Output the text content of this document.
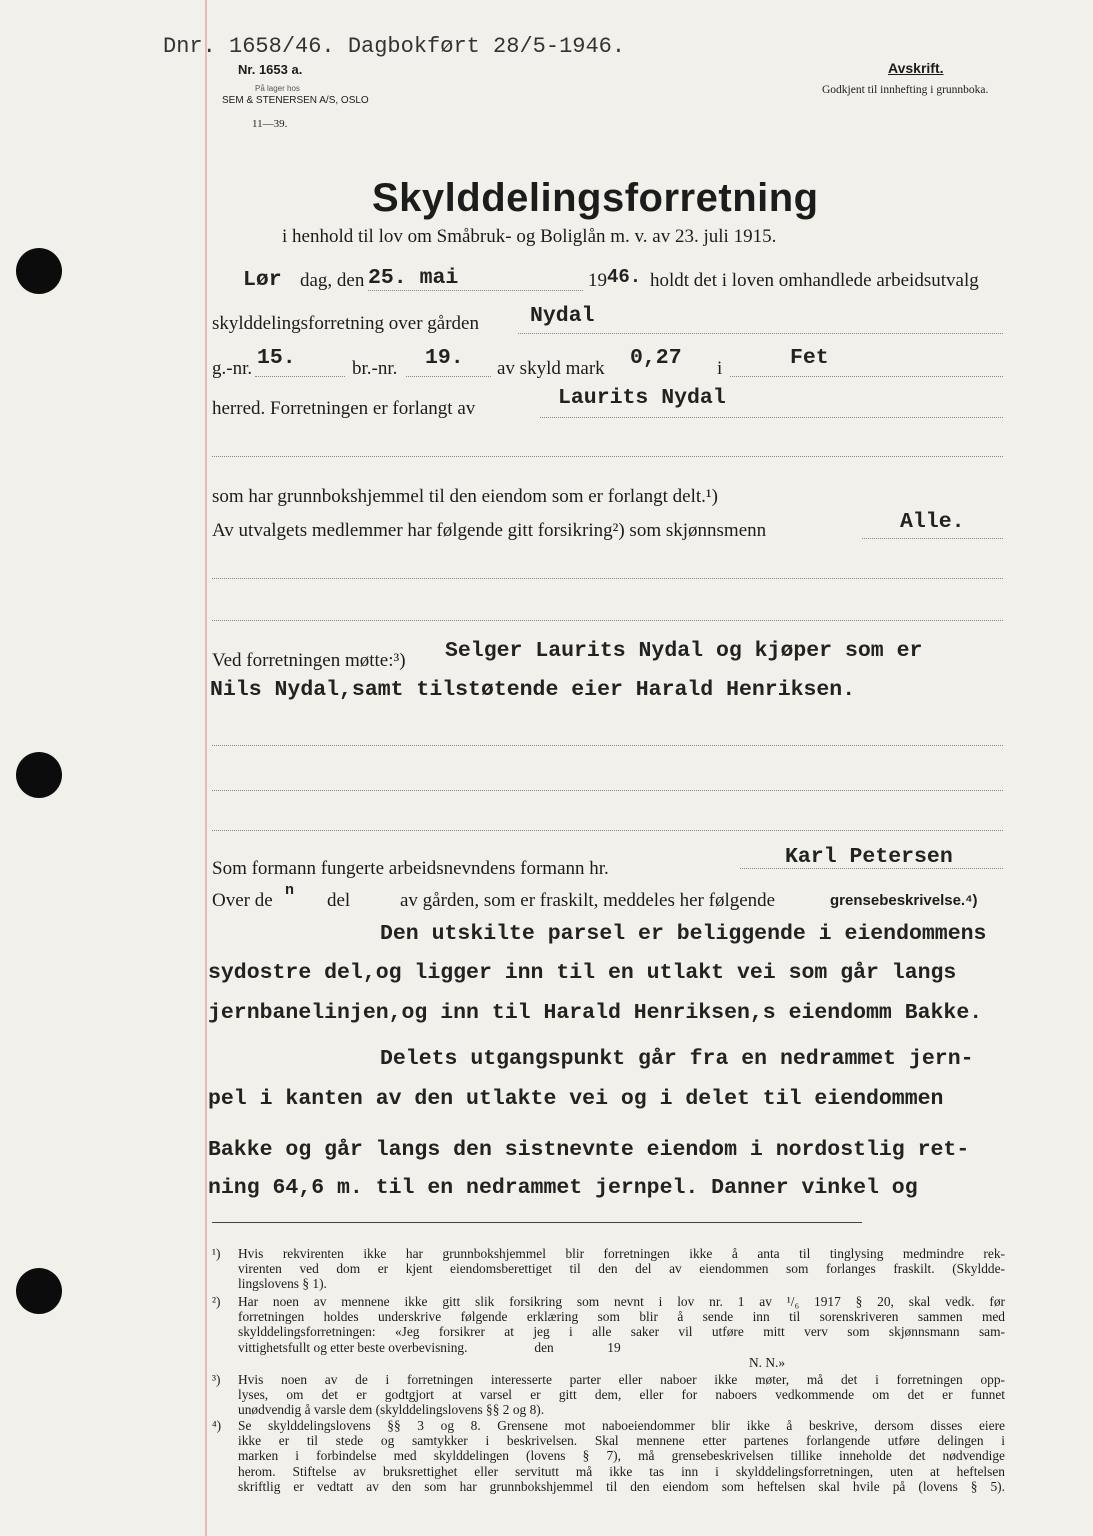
Dnr. 1658/46. Dagbokført 28/5-1946.
Nr. 1653 a.
På lager hos
SEM & STENERSEN A/S, OSLO
11—39.
Avskrift.
Godkjent til innhefting i grunnboka.
Skylddelingsforretning
i henhold til lov om Småbruk- og Boliglån m. v. av 23. juli 1915.
Lør dag, den 25. mai	19 46. holdt det i loven omhandlede arbeidsutvalg
skylddelingsforretning over gården Nydal
g.-nr. 15.	br.-nr. 19. av skyld mark 0,27 i	Fet
herred. Forretningen er forlangt av	Laurits Nydal
som har grunnbokshjemmel til den eiendom som er forlangt delt.¹)
Av utvalgets medlemmer har følgende gitt forsikring²) som skjønnsmenn	Alle.
Ved forretningen møtte:³) Selger Laurits Nydal og kjøper som er
Nils Nydal,samt tilstøtende eier Harald Henriksen.
Som formann fungerte arbeidsnevndens formann hr.	Karl Petersen
Over de n del	av gården, som er fraskilt, meddeles her følgende	grensebeskrivelse.⁴)
Den utskilte parsel er beliggende i eiendommens
sydostre del,og ligger inn til en utlakt vei som går langs
jernbanelinjen,og inn til Harald Henriksen,s eiendomm Bakke.
Delets utgangspunkt går fra en nedrammet jern-
pel i kanten av den utlakte vei og i delet til eiendommen
Bakke og går langs den sistnevnte eiendom i nordostlig ret-
ning 64,6 m. til en nedrammet jernpel. Danner vinkel og
¹) Hvis rekvirenten ikke har grunnbokshjemmel blir forretningen ikke å anta til tinglysing medmindre rek-
virenten ved dom er kjent eiendomsberettiget til den del av eiendommen som forlanges fraskilt. (Skyldde-
lingslovens § 1).
²) Har noen av mennene ikke gitt slik forsikring som nevnt i lov nr. 1 av ¹/₆ 1917 § 20, skal vedk. før
forretningen holdes underskrive følgende erklæring som blir å sende inn til sorenskriveren sammen med
skylddelingsforretningen: «Jeg forsikrer at jeg i alle saker vil utføre mitt verv som skjønnsmann sam-
vittighetsfullt og etter beste overbevisning.                    den                19
N. N.»
³) Hvis noen av de i forretningen interesserte parter eller naboer ikke møter, må det i forretningen opp-
lyses, om det er godtgjort at varsel er gitt dem, eller for naboers vedkommende om det er funnet
unødvendig å varsle dem (skylddelingslovens §§ 2 og 8).
⁴) Se skylddelingslovens §§ 3 og 8. Grensene mot naboeiendommer blir ikke å beskrive, dersom disses eiere
ikke er til stede og samtykker i beskrivelsen. Skal mennene etter partenes forlangende utføre delingen i
marken i forbindelse med skylddelingen (lovens § 7), må grensebeskrivelsen tillike inneholde det nødvendige
herom. Stiftelse av bruksrettighet eller servitutt må ikke tas inn i skylddelingsforretningen, uten at heftelsen
skriftlig er vedtatt av den som har grunnbokshjemmel til den eiendom som heftelsen skal hvile på (lovens § 5).
